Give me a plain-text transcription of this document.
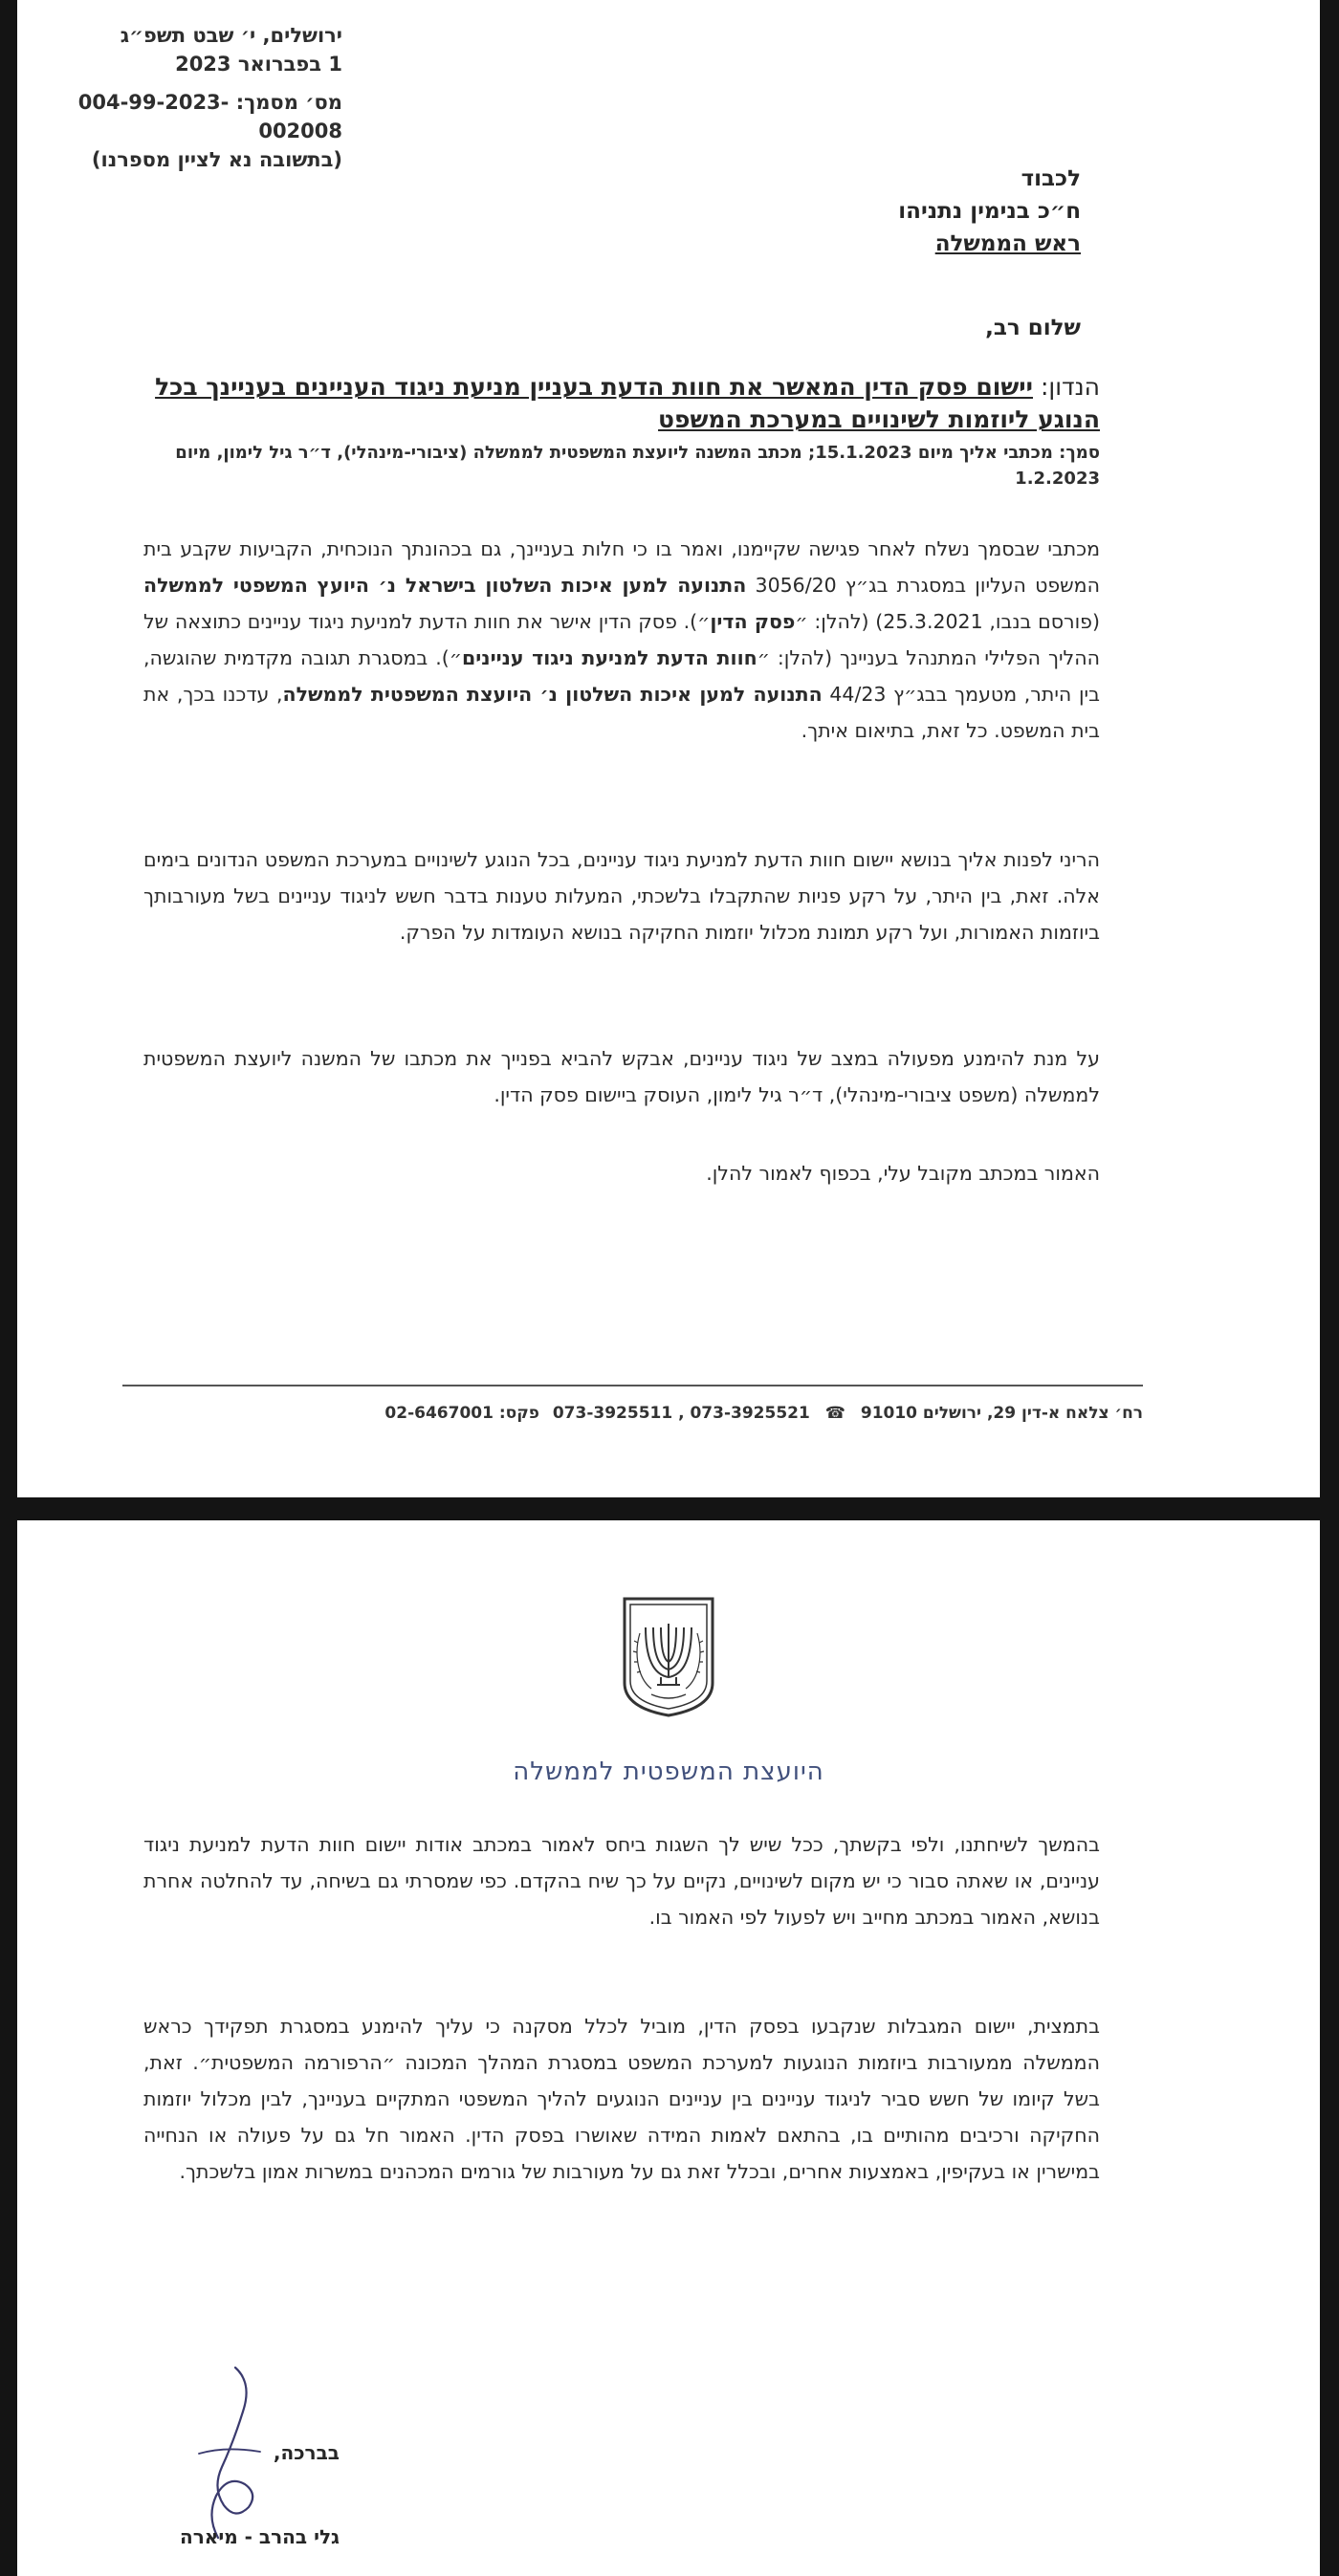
ירושלים, י׳ שבט תשפ״ג
1 בפברואר 2023
מס׳ מסמך: 004-99-2023-002008
(בתשובה נא לציין מספרנו)
לכבוד
ח״כ בנימין נתניהו
ראש הממשלה
שלום רב,
הנדון: יישום פסק הדין המאשר את חוות הדעת בעניין מניעת ניגוד העניינים בעניינך בכל הנוגע ליוזמות לשינויים במערכת המשפט
סמך: מכתבי אליך מיום 15.1.2023; מכתב המשנה ליועצת המשפטית לממשלה (ציבורי-מינהלי), ד״ר גיל לימון, מיום 1.2.2023
מכתבי שבסמך נשלח לאחר פגישה שקיימנו, ואמר בו כי חלות בעניינך, גם בכהונתך הנוכחית, הקביעות שקבע בית המשפט העליון במסגרת בג״ץ 3056/20 התנועה למען איכות השלטון בישראל נ׳ היועץ המשפטי לממשלה (פורסם בנבו, 25.3.2021) (להלן: ״פסק הדין״). פסק הדין אישר את חוות הדעת למניעת ניגוד עניינים כתוצאה של ההליך הפלילי המתנהל בעניינך (להלן: ״חוות הדעת למניעת ניגוד עניינים״). במסגרת תגובה מקדמית שהוגשה, בין היתר, מטעמך בבג״ץ 44/23 התנועה למען איכות השלטון נ׳ היועצת המשפטית לממשלה, עדכנו בכך, את בית המשפט. כל זאת, בתיאום איתך.
הריני לפנות אליך בנושא יישום חוות הדעת למניעת ניגוד עניינים, בכל הנוגע לשינויים במערכת המשפט הנדונים בימים אלה. זאת, בין היתר, על רקע פניות שהתקבלו בלשכתי, המעלות טענות בדבר חשש לניגוד עניינים בשל מעורבותך ביוזמות האמורות, ועל רקע תמונת מכלול יוזמות החקיקה בנושא העומדות על הפרק.
על מנת להימנע מפעולה במצב של ניגוד עניינים, אבקש להביא בפנייך את מכתבו של המשנה ליועצת המשפטית לממשלה (משפט ציבורי-מינהלי), ד״ר גיל לימון, העוסק ביישום פסק הדין.
האמור במכתב מקובל עלי, בכפוף לאמור להלן.
רח׳ צלאח א-דין 29, ירושלים 91010 ☎ 073-3925511 , 073-3925521 פקס: 02-6467001
היועצת המשפטית לממשלה
בהמשך לשיחתנו, ולפי בקשתך, ככל שיש לך השגות ביחס לאמור במכתב אודות יישום חוות הדעת למניעת ניגוד עניינים, או שאתה סבור כי יש מקום לשינויים, נקיים על כך שיח בהקדם. כפי שמסרתי גם בשיחה, עד להחלטה אחרת בנושא, האמור במכתב מחייב ויש לפעול לפי האמור בו.
בתמצית, יישום המגבלות שנקבעו בפסק הדין, מוביל לכלל מסקנה כי עליך להימנע במסגרת תפקידך כראש הממשלה ממעורבות ביוזמות הנוגעות למערכת המשפט במסגרת המהלך המכונה ״הרפורמה המשפטית״. זאת, בשל קיומו של חשש סביר לניגוד עניינים בין עניינים הנוגעים להליך המשפטי המתקיים בעניינך, לבין מכלול יוזמות החקיקה ורכיבים מהותיים בו, בהתאם לאמות המידה שאושרו בפסק הדין. האמור חל גם על פעולה או הנחייה במישרין או בעקיפין, באמצעות אחרים, ובכלל זאת גם על מעורבות של גורמים המכהנים במשרות אמון בלשכתך.
בברכה,
גלי בהרב - מיארה
